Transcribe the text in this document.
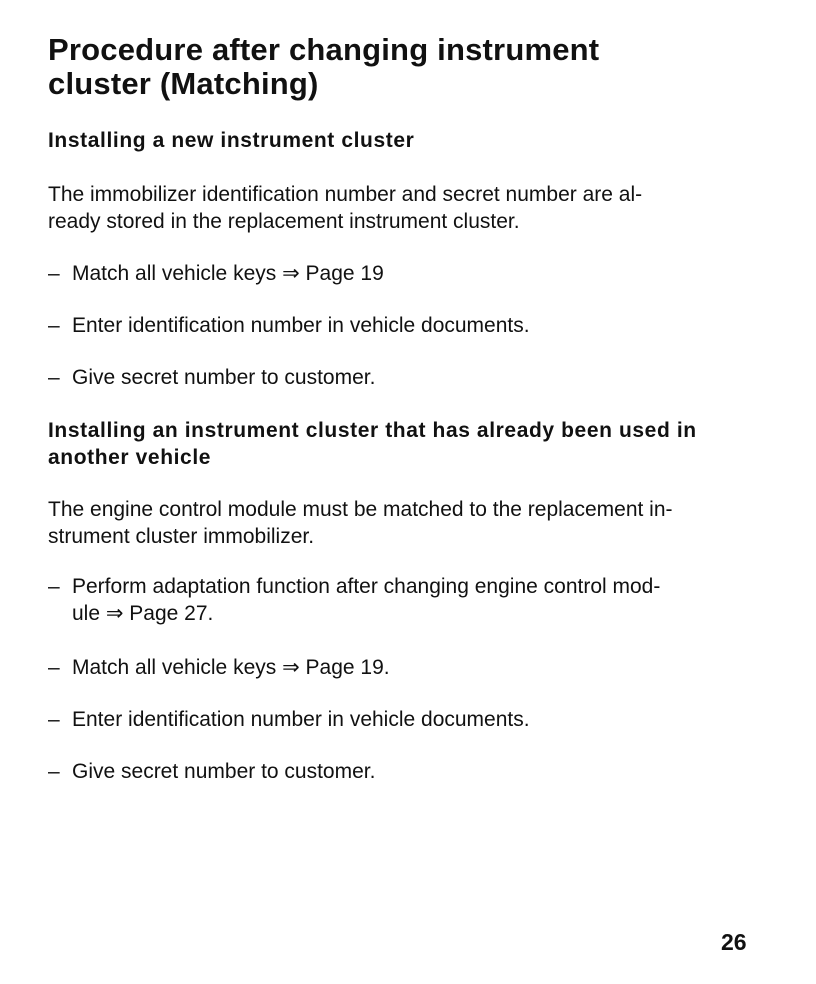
Procedure after changing instrument
cluster (Matching)
Installing a new instrument cluster

The immobilizer identification number and secret number are al-
ready stored in the replacement instrument cluster.

– Match all vehicle keys ⇒ Page 19
– Enter identification number in vehicle documents.
– Give secret number to customer.
Installing an instrument cluster that has already been used in another vehicle

The engine control module must be matched to the replacement in-
strument cluster immobilizer.

– Perform adaptation function after changing engine control mod-
ule ⇒ Page 27.
– Match all vehicle keys ⇒ Page 19.
– Enter identification number in vehicle documents.
– Give secret number to customer.
26
